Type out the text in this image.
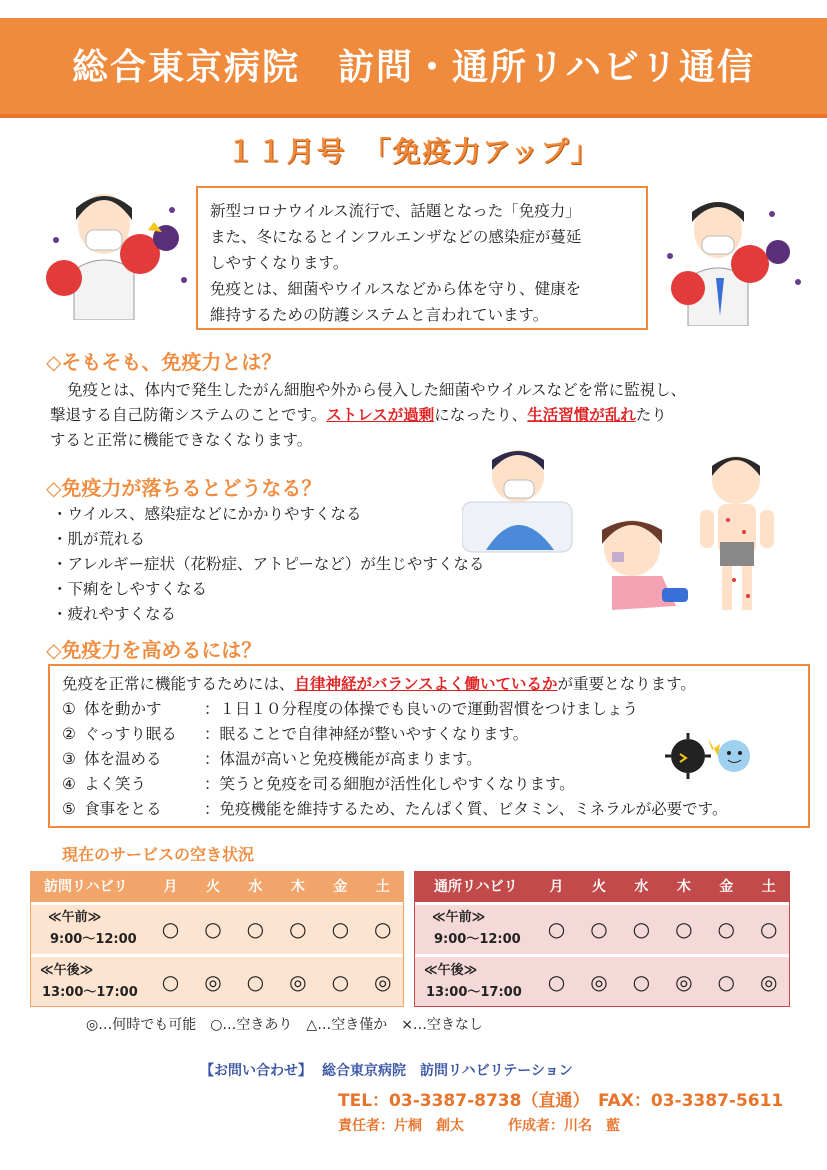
総合東京病院　訪問・通所リハビリ通信
１１月号　「免疫力アップ」

新型コロナウイルス流行で、話題となった「免疫力」

また、冬になるとインフルエンザなどの感染症が蔓延

しやすくなります。

免疫とは、細菌やウイルスなどから体を守り、健康を

維持するための防護システムと言われています。

◇そもそも、免疫力とは？
免疫とは、体内で発生したがん細胞や外から侵入した細菌やウイルスなどを常に監視し、
撃退する自己防衛システムのことです。ストレスが過剰になったり、生活習慣が乱れたり
すると正常に機能できなくなります。
◇免疫力が落ちるとどうなる？
・ウイルス、感染症などにかかりやすくなる
・肌が荒れる
・アレルギー症状（花粉症、アトピーなど）が生じやすくなる
・下痢をしやすくなる
・疲れやすくなる
◇免疫力を高めるには？
免疫を正常に機能するためには、 自律神経がバランスよく働いているか が重要となります。
① 体を動かす	：１日１０分程度の体操でも良いので運動習慣をつけましょう
② ぐっすり眠る	：眠ることで自律神経が整いやすくなります。
③ 体を温める	：体温が高いと免疫機能が高まります。
④ よく笑う	：笑うと免疫を司る細胞が活性化しやすくなります。
⑤ 食事をとる	：免疫機能を維持するため、たんぱく質、ビタミン、ミネラルが必要です。
現在のサービスの空き状況
訪問リハビリ	月	火	水	木	金	土

≪午前≫
9:00〜12:00	○	○	○	○	○	○

≪午後≫
13:00〜17:00	○	◎	○	◎	○	◎
通所リハビリ	月	火	水	木	金	土

≪午前≫
9:00〜12:00	○	○	○	○	○	○

≪午後≫
13:00〜17:00	○	◎	○	◎	○	◎
◎…何時でも可能　○…空きあり　△…空き僅か　×…空きなし
【お問い合わせ】 総合東京病院　訪問リハビリテーション
TEL：03-3387-8738（直通）　FAX：03-3387-5611
責任者：片桐　創太	作成者：川名　藍
